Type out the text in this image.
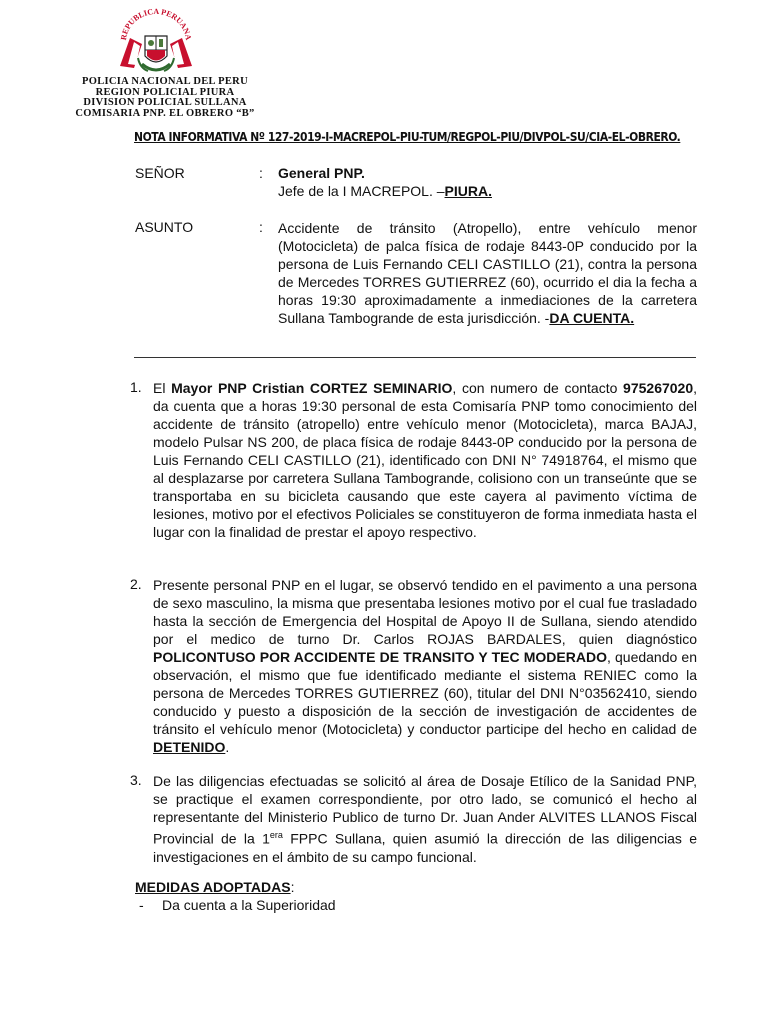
REPUBLICA PERUANA
POLICIA NACIONAL DEL PERU
REGION POLICIAL PIURA
DIVISION POLICIAL SULLANA
COMISARIA PNP. EL OBRERO “B”
NOTA INFORMATIVA Nº 127-2019-I-MACREPOL-PIU-TUM/REGPOL-PIU/DIVPOL-SU/CIA-EL-OBRERO.
SEÑOR	: General PNP.
Jefe de la I MACREPOL. –PIURA.
ASUNTO	: Accidente de tránsito (Atropello), entre vehículo menor (Motocicleta) de palca física de rodaje 8443-0P conducido por la persona de Luis Fernando CELI CASTILLO (21), contra la persona de Mercedes TORRES GUTIERREZ (60), ocurrido el dia la fecha a horas 19:30 aproximadamente a inmediaciones de la carretera Sullana Tambogrande de esta jurisdicción. -DA CUENTA.
1. El Mayor PNP Cristian CORTEZ SEMINARIO, con numero de contacto 975267020, da cuenta que a horas 19:30 personal de esta Comisaría PNP tomo conocimiento del accidente de tránsito (atropello) entre vehículo menor (Motocicleta), marca BAJAJ, modelo Pulsar NS 200, de placa física de rodaje 8443-0P conducido por la persona de Luis Fernando CELI CASTILLO (21), identificado con DNI N° 74918764, el mismo que al desplazarse por carretera Sullana Tambogrande, colisiono con un transeúnte que se transportaba en su bicicleta causando que este cayera al pavimento víctima de lesiones, motivo por el efectivos Policiales se constituyeron de forma inmediata hasta el lugar con la finalidad de prestar el apoyo respectivo.
2. Presente personal PNP en el lugar, se observó tendido en el pavimento a una persona de sexo masculino, la misma que presentaba lesiones motivo por el cual fue trasladado hasta la sección de Emergencia del Hospital de Apoyo II de Sullana, siendo atendido por el medico de turno Dr. Carlos ROJAS BARDALES, quien diagnóstico POLICONTUSO POR ACCIDENTE DE TRANSITO Y TEC MODERADO, quedando en observación, el mismo que fue identificado mediante el sistema RENIEC como la persona de Mercedes TORRES GUTIERREZ (60), titular del DNI N°03562410, siendo conducido y puesto a disposición de la sección de investigación de accidentes de tránsito el vehículo menor (Motocicleta) y conductor participe del hecho en calidad de DETENIDO.
3. De las diligencias efectuadas se solicitó al área de Dosaje Etílico de la Sanidad PNP, se practique el examen correspondiente, por otro lado, se comunicó el hecho al representante del Ministerio Publico de turno Dr. Juan Ander ALVITES LLANOS Fiscal Provincial de la $1^{era}$ FPPC Sullana, quien asumió la dirección de las diligencias e investigaciones en el ámbito de su campo funcional.
MEDIDAS ADOPTADAS:
- Da cuenta a la Superioridad
